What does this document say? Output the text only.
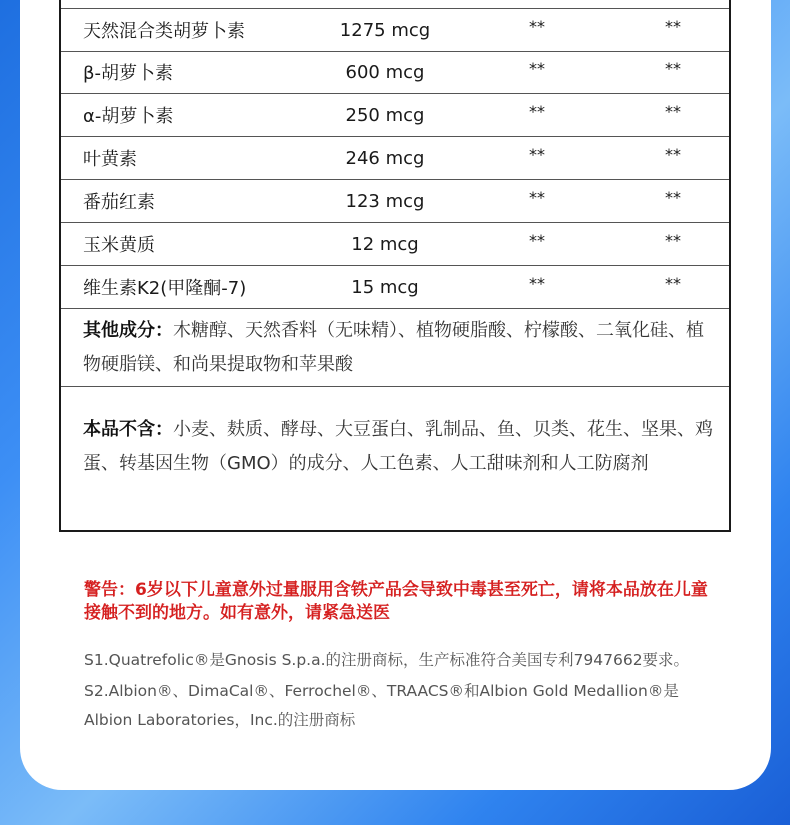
天然混合类胡萝卜素	1275 mcg	**	**
β-胡萝卜素	600 mcg	**	**
α-胡萝卜素	250 mcg	**	**
叶黄素	246 mcg	**	**
番茄红素	123 mcg	**	**
玉米黄质	12 mcg	**	**
维生素K2(甲隆酮-7)	15 mcg	**	**
其他成分：木糖醇、天然香料（无味精）、植物硬脂酸、柠檬酸、二氧化硅、植物硬脂镁、和尚果提取物和苹果酸
本品不含：小麦、麸质、酵母、大豆蛋白、乳制品、鱼、贝类、花生、坚果、鸡蛋、转基因生物（GMO）的成分、人工色素、人工甜味剂和人工防腐剂
警告：6岁以下儿童意外过量服用含铁产品会导致中毒甚至死亡，请将本品放在儿童接触不到的地方。如有意外，请紧急送医
S1.Quatrefolic®是Gnosis S.p.a.的注册商标，生产标准符合美国专利7947662要求。
S2.Albion®、DimaCal®、Ferrochel®、TRAACS®和Albion Gold Medallion®是Albion Laboratories，Inc.的注册商标
